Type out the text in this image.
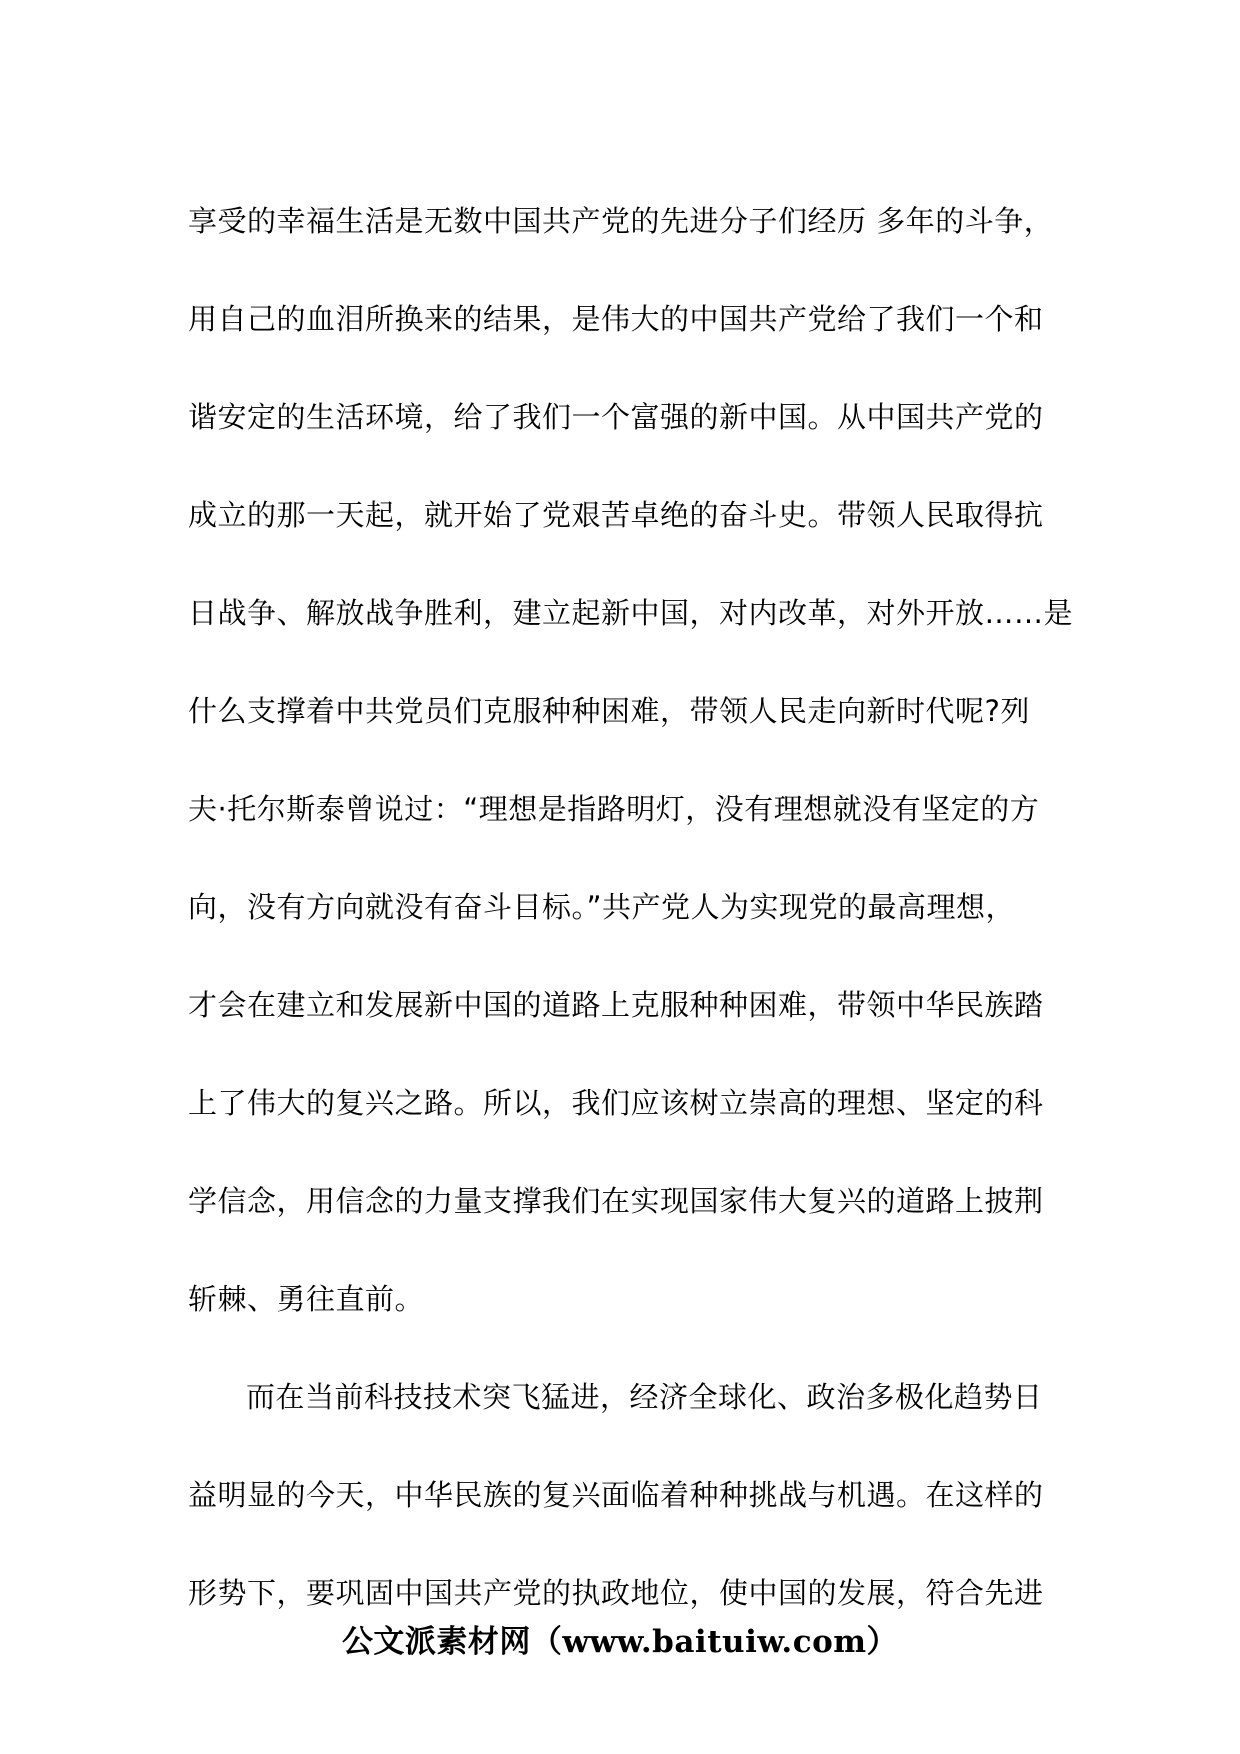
享受的幸福生活是无数中国共产党的先进分子们经历 多年的斗争，
用自己的血泪所换来的结果，是伟大的中国共产党给了我们一个和
谐安定的生活环境，给了我们一个富强的新中国。从中国共产党的
成立的那一天起，就开始了党艰苦卓绝的奋斗史。带领人民取得抗
日战争、解放战争胜利，建立起新中国，对内改革，对外开放……是
什么支撑着中共党员们克服种种困难，带领人民走向新时代呢?列
夫·托尔斯泰曾说过：“理想是指路明灯，没有理想就没有坚定的方
向，没有方向就没有奋斗目标。”共产党人为实现党的最高理想，
才会在建立和发展新中国的道路上克服种种困难，带领中华民族踏
上了伟大的复兴之路。所以，我们应该树立崇高的理想、坚定的科
学信念，用信念的力量支撑我们在实现国家伟大复兴的道路上披荆
斩棘、勇往直前。
而在当前科技技术突飞猛进，经济全球化、政治多极化趋势日
益明显的今天，中华民族的复兴面临着种种挑战与机遇。在这样的
形势下，要巩固中国共产党的执政地位，使中国的发展，符合先进
公文派素材网（www.baituiw.com）
